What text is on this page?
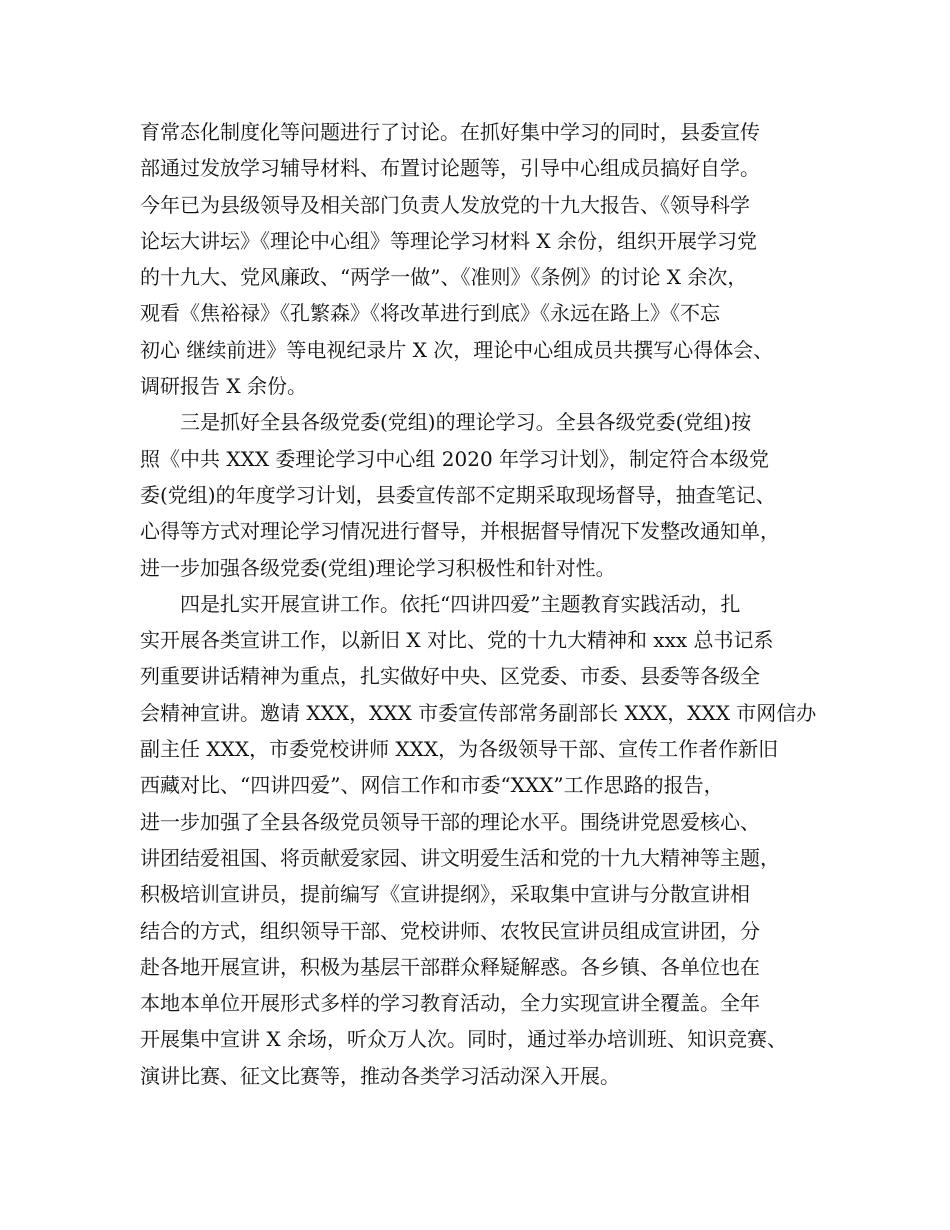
育常态化制度化等问题进行了讨论。在抓好集中学习的同时，县委宣传
部通过发放学习辅导材料、布置讨论题等，引导中心组成员搞好自学。
今年已为县级领导及相关部门负责人发放党的十九大报告、《领导科学
论坛大讲坛》《理论中心组》等理论学习材料 X 余份，组织开展学习党
的十九大、党风廉政、“两学一做”、《准则》《条例》的讨论 X 余次，
观看《焦裕禄》《孔繁森》《将改革进行到底》《永远在路上》《不忘
初心 继续前进》等电视纪录片 X 次，理论中心组成员共撰写心得体会、
调研报告 X 余份。
　　三是抓好全县各级党委(党组)的理论学习。全县各级党委(党组)按
照《中共 XXX 委理论学习中心组 2020 年学习计划》，制定符合本级党
委(党组)的年度学习计划，县委宣传部不定期采取现场督导，抽查笔记、
心得等方式对理论学习情况进行督导，并根据督导情况下发整改通知单，
进一步加强各级党委(党组)理论学习积极性和针对性。
　　四是扎实开展宣讲工作。依托“四讲四爱”主题教育实践活动，扎
实开展各类宣讲工作，以新旧 X 对比、党的十九大精神和 xxx 总书记系
列重要讲话精神为重点，扎实做好中央、区党委、市委、县委等各级全
会精神宣讲。邀请 XXX，XXX 市委宣传部常务副部长 XXX，XXX 市网信办
副主任 XXX，市委党校讲师 XXX，为各级领导干部、宣传工作者作新旧
西藏对比、“四讲四爱”、网信工作和市委“XXX”工作思路的报告，
进一步加强了全县各级党员领导干部的理论水平。围绕讲党恩爱核心、
讲团结爱祖国、将贡献爱家园、讲文明爱生活和党的十九大精神等主题，
积极培训宣讲员，提前编写《宣讲提纲》，采取集中宣讲与分散宣讲相
结合的方式，组织领导干部、党校讲师、农牧民宣讲员组成宣讲团，分
赴各地开展宣讲，积极为基层干部群众释疑解惑。各乡镇、各单位也在
本地本单位开展形式多样的学习教育活动，全力实现宣讲全覆盖。全年
开展集中宣讲 X 余场，听众万人次。同时，通过举办培训班、知识竞赛、
演讲比赛、征文比赛等，推动各类学习活动深入开展。
